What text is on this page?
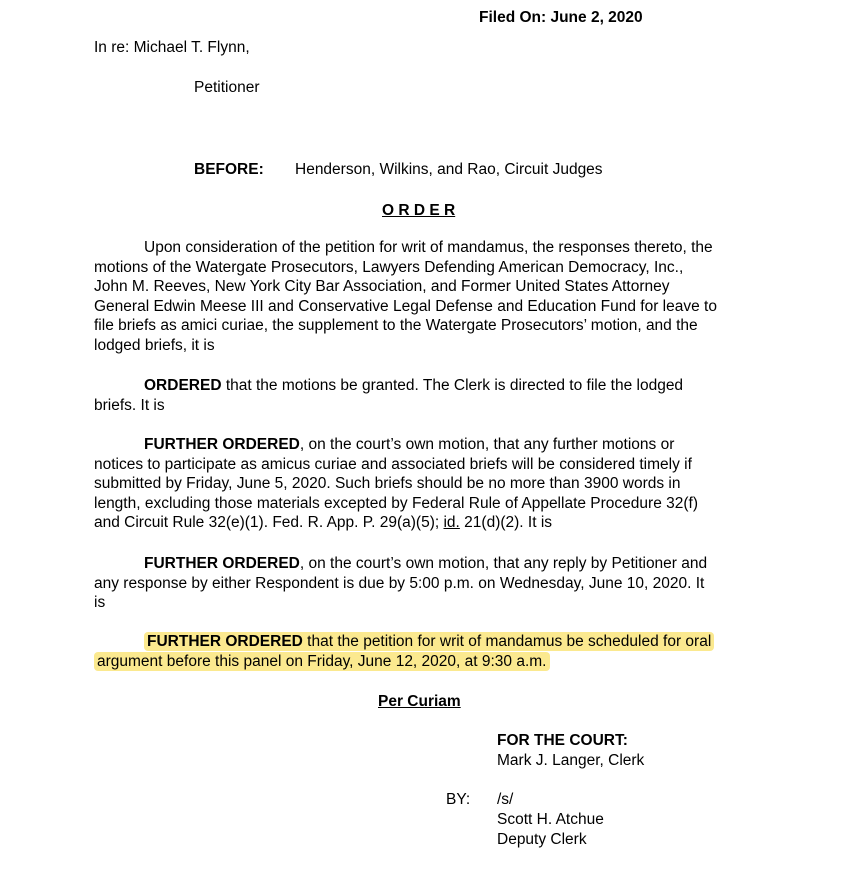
Filed On: June 2, 2020
In re: Michael T. Flynn,
Petitioner
BEFORE: Henderson, Wilkins, and Rao, Circuit Judges
O R D E R
Upon consideration of the petition for writ of mandamus, the responses thereto, the
motions of the Watergate Prosecutors, Lawyers Defending American Democracy, Inc.,
John M. Reeves, New York City Bar Association, and Former United States Attorney
General Edwin Meese III and Conservative Legal Defense and Education Fund for leave to
file briefs as amici curiae, the supplement to the Watergate Prosecutors’ motion, and the
lodged briefs, it is
ORDERED that the motions be granted. The Clerk is directed to file the lodged
briefs. It is
FURTHER ORDERED, on the court’s own motion, that any further motions or
notices to participate as amicus curiae and associated briefs will be considered timely if
submitted by Friday, June 5, 2020. Such briefs should be no more than 3900 words in
length, excluding those materials excepted by Federal Rule of Appellate Procedure 32(f)
and Circuit Rule 32(e)(1). Fed. R. App. P. 29(a)(5); id. 21(d)(2). It is
FURTHER ORDERED, on the court’s own motion, that any reply by Petitioner and
any response by either Respondent is due by 5:00 p.m. on Wednesday, June 10, 2020. It
is
FURTHER ORDERED that the petition for writ of mandamus be scheduled for oral
argument before this panel on Friday, June 12, 2020, at 9:30 a.m.
Per Curiam
FOR THE COURT:
Mark J. Langer, Clerk
BY: /s/
Scott H. Atchue
Deputy Clerk
